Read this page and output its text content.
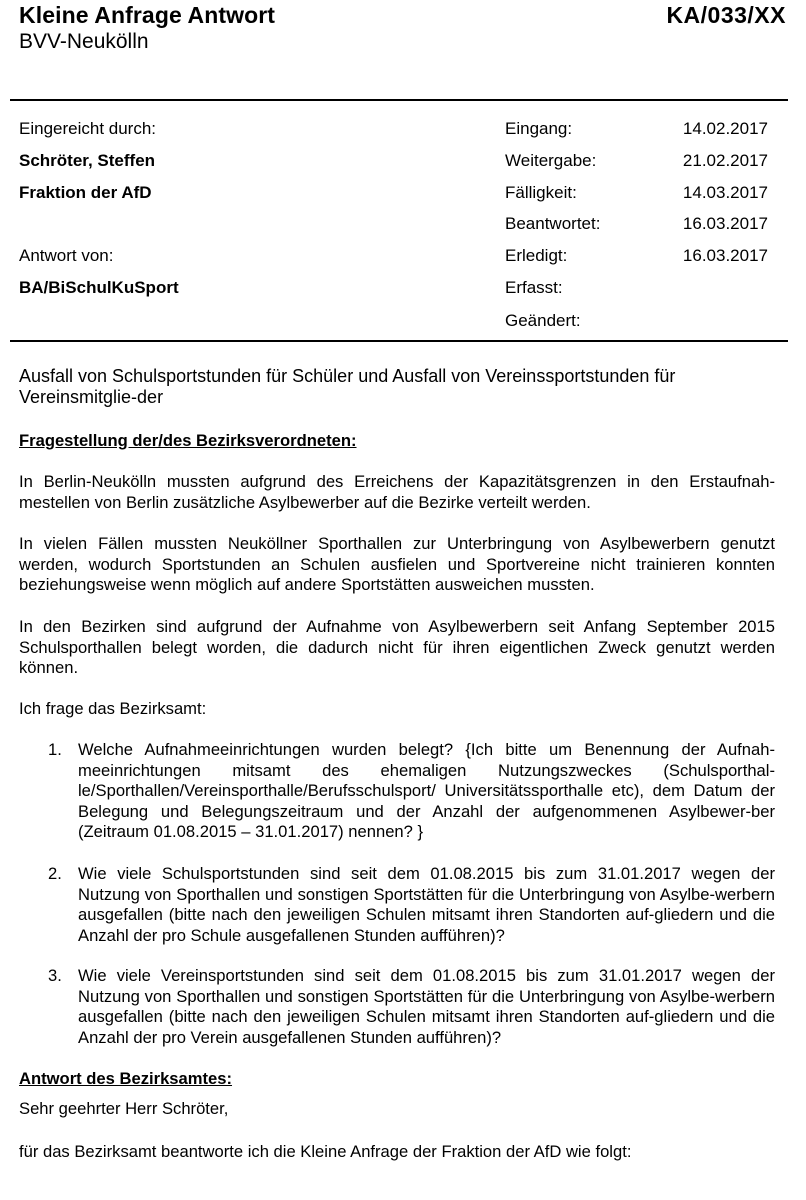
Kleine Anfrage Antwort
BVV-Neukölln
KA/033/XX
Eingereicht durch:
Schröter, Steffen
Fraktion der AfD
Antwort von:
BA/BiSchulKuSport
Eingang:	14.02.2017
Weitergabe:	21.02.2017
Fälligkeit:	14.03.2017
Beantwortet:	16.03.2017
Erledigt:	16.03.2017
Erfasst:
Geändert:
Ausfall von Schulsportstunden für Schüler und Ausfall von Vereinssportstunden für Vereinsmitglie-der
Fragestellung der/des Bezirksverordneten:
In Berlin-Neukölln mussten aufgrund des Erreichens der Kapazitätsgrenzen in den Erstaufnah-mestellen von Berlin zusätzliche Asylbewerber auf die Bezirke verteilt werden.
In vielen Fällen mussten Neuköllner Sporthallen zur Unterbringung von Asylbewerbern genutzt werden, wodurch Sportstunden an Schulen ausfielen und Sportvereine nicht trainieren konnten beziehungsweise wenn möglich auf andere Sportstätten ausweichen mussten.
In den Bezirken sind aufgrund der Aufnahme von Asylbewerbern seit Anfang September 2015 Schulsporthallen belegt worden, die dadurch nicht für ihren eigentlichen Zweck genutzt werden können.
Ich frage das Bezirksamt:
1. Welche Aufnahmeeinrichtungen wurden belegt? {Ich bitte um Benennung der Aufnah-meeinrichtungen mitsamt des ehemaligen Nutzungszweckes (Schulsporthal-le/Sporthallen/Vereinsporthalle/Berufsschulsport/ Universitätssporthalle etc), dem Datum der Belegung und Belegungszeitraum und der Anzahl der aufgenommenen Asylbewer-ber (Zeitraum 01.08.2015 – 31.01.2017) nennen? }
2. Wie viele Schulsportstunden sind seit dem 01.08.2015 bis zum 31.01.2017 wegen der Nutzung von Sporthallen und sonstigen Sportstätten für die Unterbringung von Asylbe-werbern ausgefallen (bitte nach den jeweiligen Schulen mitsamt ihren Standorten auf-gliedern und die Anzahl der pro Schule ausgefallenen Stunden aufführen)?
3. Wie viele Vereinsportstunden sind seit dem 01.08.2015 bis zum 31.01.2017 wegen der Nutzung von Sporthallen und sonstigen Sportstätten für die Unterbringung von Asylbe-werbern ausgefallen (bitte nach den jeweiligen Schulen mitsamt ihren Standorten auf-gliedern und die Anzahl der pro Verein ausgefallenen Stunden aufführen)?
Antwort des Bezirksamtes:
Sehr geehrter Herr Schröter,
für das Bezirksamt beantworte ich die Kleine Anfrage der Fraktion der AfD wie folgt:
